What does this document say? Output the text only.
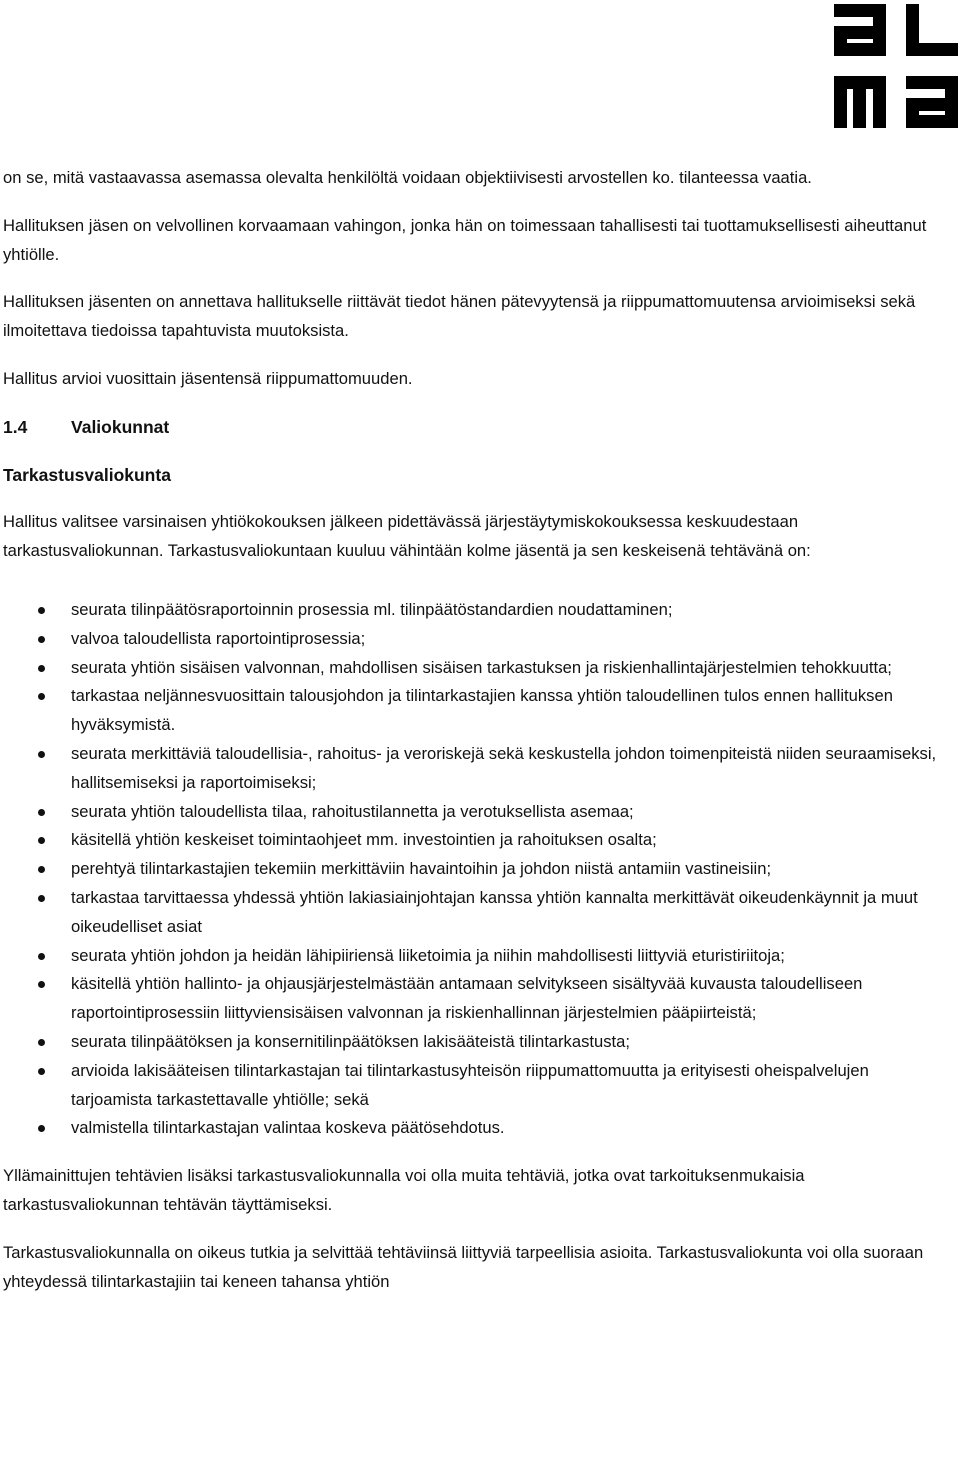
on se, mitä vastaavassa asemassa olevalta henkilöltä voidaan objektiivisesti arvostellen ko. tilanteessa vaatia.

Hallituksen jäsen on velvollinen korvaamaan vahingon, jonka hän on toimessaan tahallisesti tai tuottamuksellisesti aiheuttanut yhtiölle.

Hallituksen jäsenten on annettava hallitukselle riittävät tiedot hänen pätevyytensä ja riippumattomuutensa arvioimiseksi sekä ilmoitettava tiedoissa tapahtuvista muutoksista.

Hallitus arvioi vuosittain jäsentensä riippumattomuuden.

1.4 Valiokunnat
Tarkastusvaliokunta

Hallitus valitsee varsinaisen yhtiökokouksen jälkeen pidettävässä järjestäytymiskokouksessa keskuudestaan tarkastusvaliokunnan. Tarkastusvaliokuntaan kuuluu vähintään kolme jäsentä ja sen keskeisenä tehtävänä on:

seurata tilinpäätösraportoinnin prosessia ml. tilinpäätöstandardien noudattaminen;
valvoa taloudellista raportointiprosessia;
seurata yhtiön sisäisen valvonnan, mahdollisen sisäisen tarkastuksen ja riskienhallintajärjestelmien tehokkuutta;
tarkastaa neljännesvuosittain talousjohdon ja tilintarkastajien kanssa yhtiön taloudellinen tulos ennen hallituksen hyväksymistä.
seurata merkittäviä taloudellisia-, rahoitus- ja veroriskejä sekä keskustella johdon toimenpiteistä niiden seuraamiseksi, hallitsemiseksi ja raportoimiseksi;
seurata yhtiön taloudellista tilaa, rahoitustilannetta ja verotuksellista asemaa;
käsitellä yhtiön keskeiset toimintaohjeet mm. investointien ja rahoituksen osalta;
perehtyä tilintarkastajien tekemiin merkittäviin havaintoihin ja johdon niistä antamiin vastineisiin;
tarkastaa tarvittaessa yhdessä yhtiön lakiasiainjohtajan kanssa yhtiön kannalta merkittävät oikeudenkäynnit ja muut oikeudelliset asiat
seurata yhtiön johdon ja heidän lähipiiriensä liiketoimia ja niihin mahdollisesti liittyviä eturistiriitoja;
käsitellä yhtiön hallinto- ja ohjausjärjestelmästään antamaan selvitykseen sisältyvää kuvausta taloudelliseen raportointiprosessiin liittyviensisäisen valvonnan ja riskienhallinnan järjestelmien pääpiirteistä;
seurata tilinpäätöksen ja konsernitilinpäätöksen lakisääteistä tilintarkastusta;
arvioida lakisääteisen tilintarkastajan tai tilintarkastusyhteisön riippumattomuutta ja erityisesti oheispalvelujen tarjoamista tarkastettavalle yhtiölle; sekä
valmistella tilintarkastajan valintaa koskeva päätösehdotus.

Yllämainittujen tehtävien lisäksi tarkastusvaliokunnalla voi olla muita tehtäviä, jotka ovat tarkoituksenmukaisia tarkastusvaliokunnan tehtävän täyttämiseksi.

Tarkastusvaliokunnalla on oikeus tutkia ja selvittää tehtäviinsä liittyviä tarpeellisia asioita. Tarkastusvaliokunta voi olla suoraan yhteydessä tilintarkastajiin tai keneen tahansa yhtiön
